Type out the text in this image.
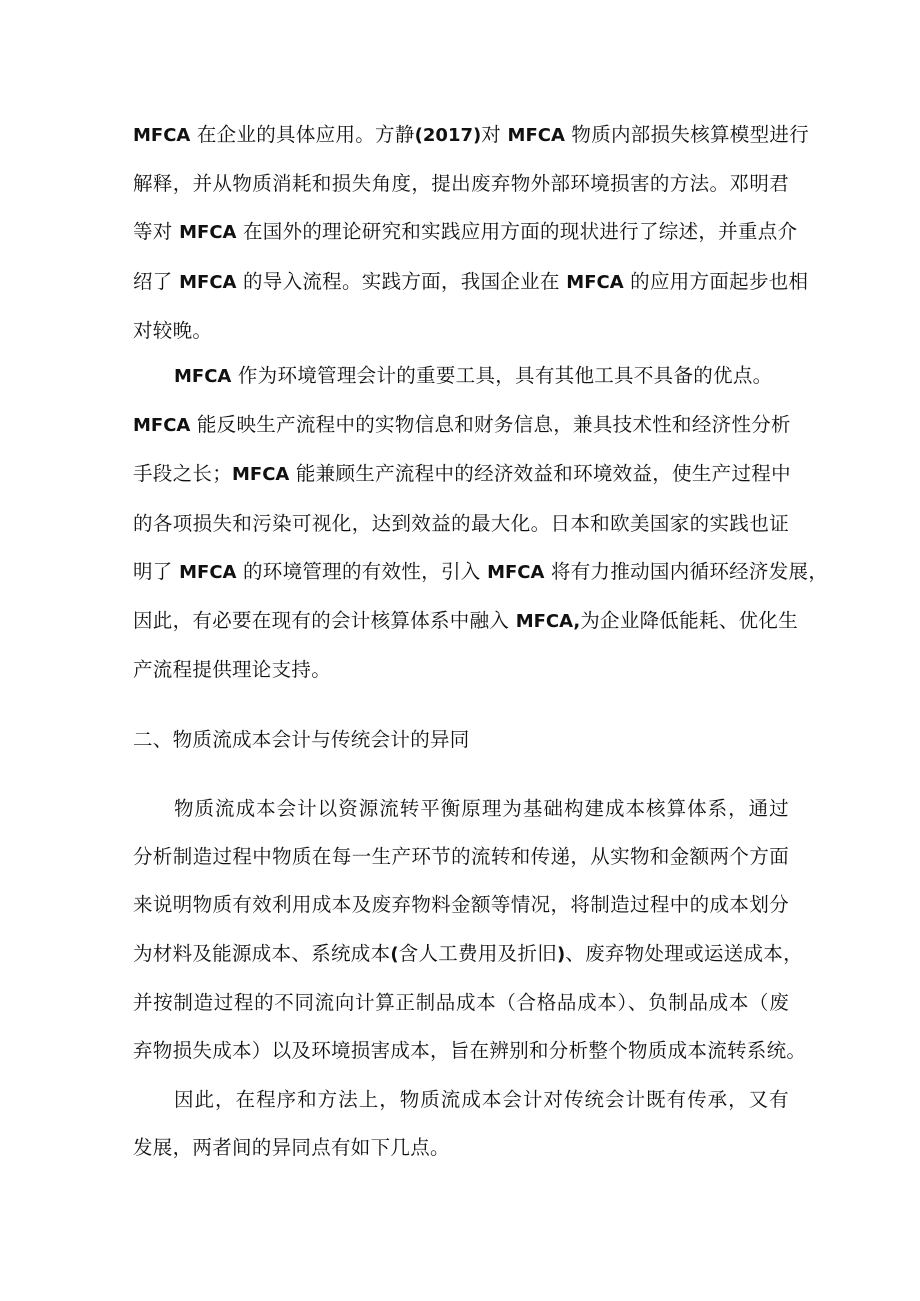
MFCA 在企业的具体应用。方静(2017)对 MFCA 物质内部损失核算模型进行
解释，并从物质消耗和损失角度，提出废弃物外部环境损害的方法。邓明君
等对 MFCA 在国外的理论研究和实践应用方面的现状进行了综述，并重点介
绍了 MFCA 的导入流程。实践方面，我国企业在 MFCA 的应用方面起步也相
对较晚。

MFCA 作为环境管理会计的重要工具，具有其他工具不具备的优点。
MFCA 能反映生产流程中的实物信息和财务信息，兼具技术性和经济性分析
手段之长；MFCA 能兼顾生产流程中的经济效益和环境效益，使生产过程中
的各项损失和污染可视化，达到效益的最大化。日本和欧美国家的实践也证
明了 MFCA 的环境管理的有效性，引入 MFCA 将有力推动国内循环经济发展，
因此，有必要在现有的会计核算体系中融入 MFCA,为企业降低能耗、优化生
产流程提供理论支持。

二、物质流成本会计与传统会计的异同

物质流成本会计以资源流转平衡原理为基础构建成本核算体系，通过
分析制造过程中物质在每一生产环节的流转和传递，从实物和金额两个方面
来说明物质有效利用成本及废弃物料金额等情况，将制造过程中的成本划分
为材料及能源成本、系统成本(含人工费用及折旧)、废弃物处理或运送成本，
并按制造过程的不同流向计算正制品成本（合格品成本）、负制品成本（废
弃物损失成本）以及环境损害成本，旨在辨别和分析整个物质成本流转系统。

因此，在程序和方法上，物质流成本会计对传统会计既有传承，又有
发展，两者间的异同点有如下几点。
